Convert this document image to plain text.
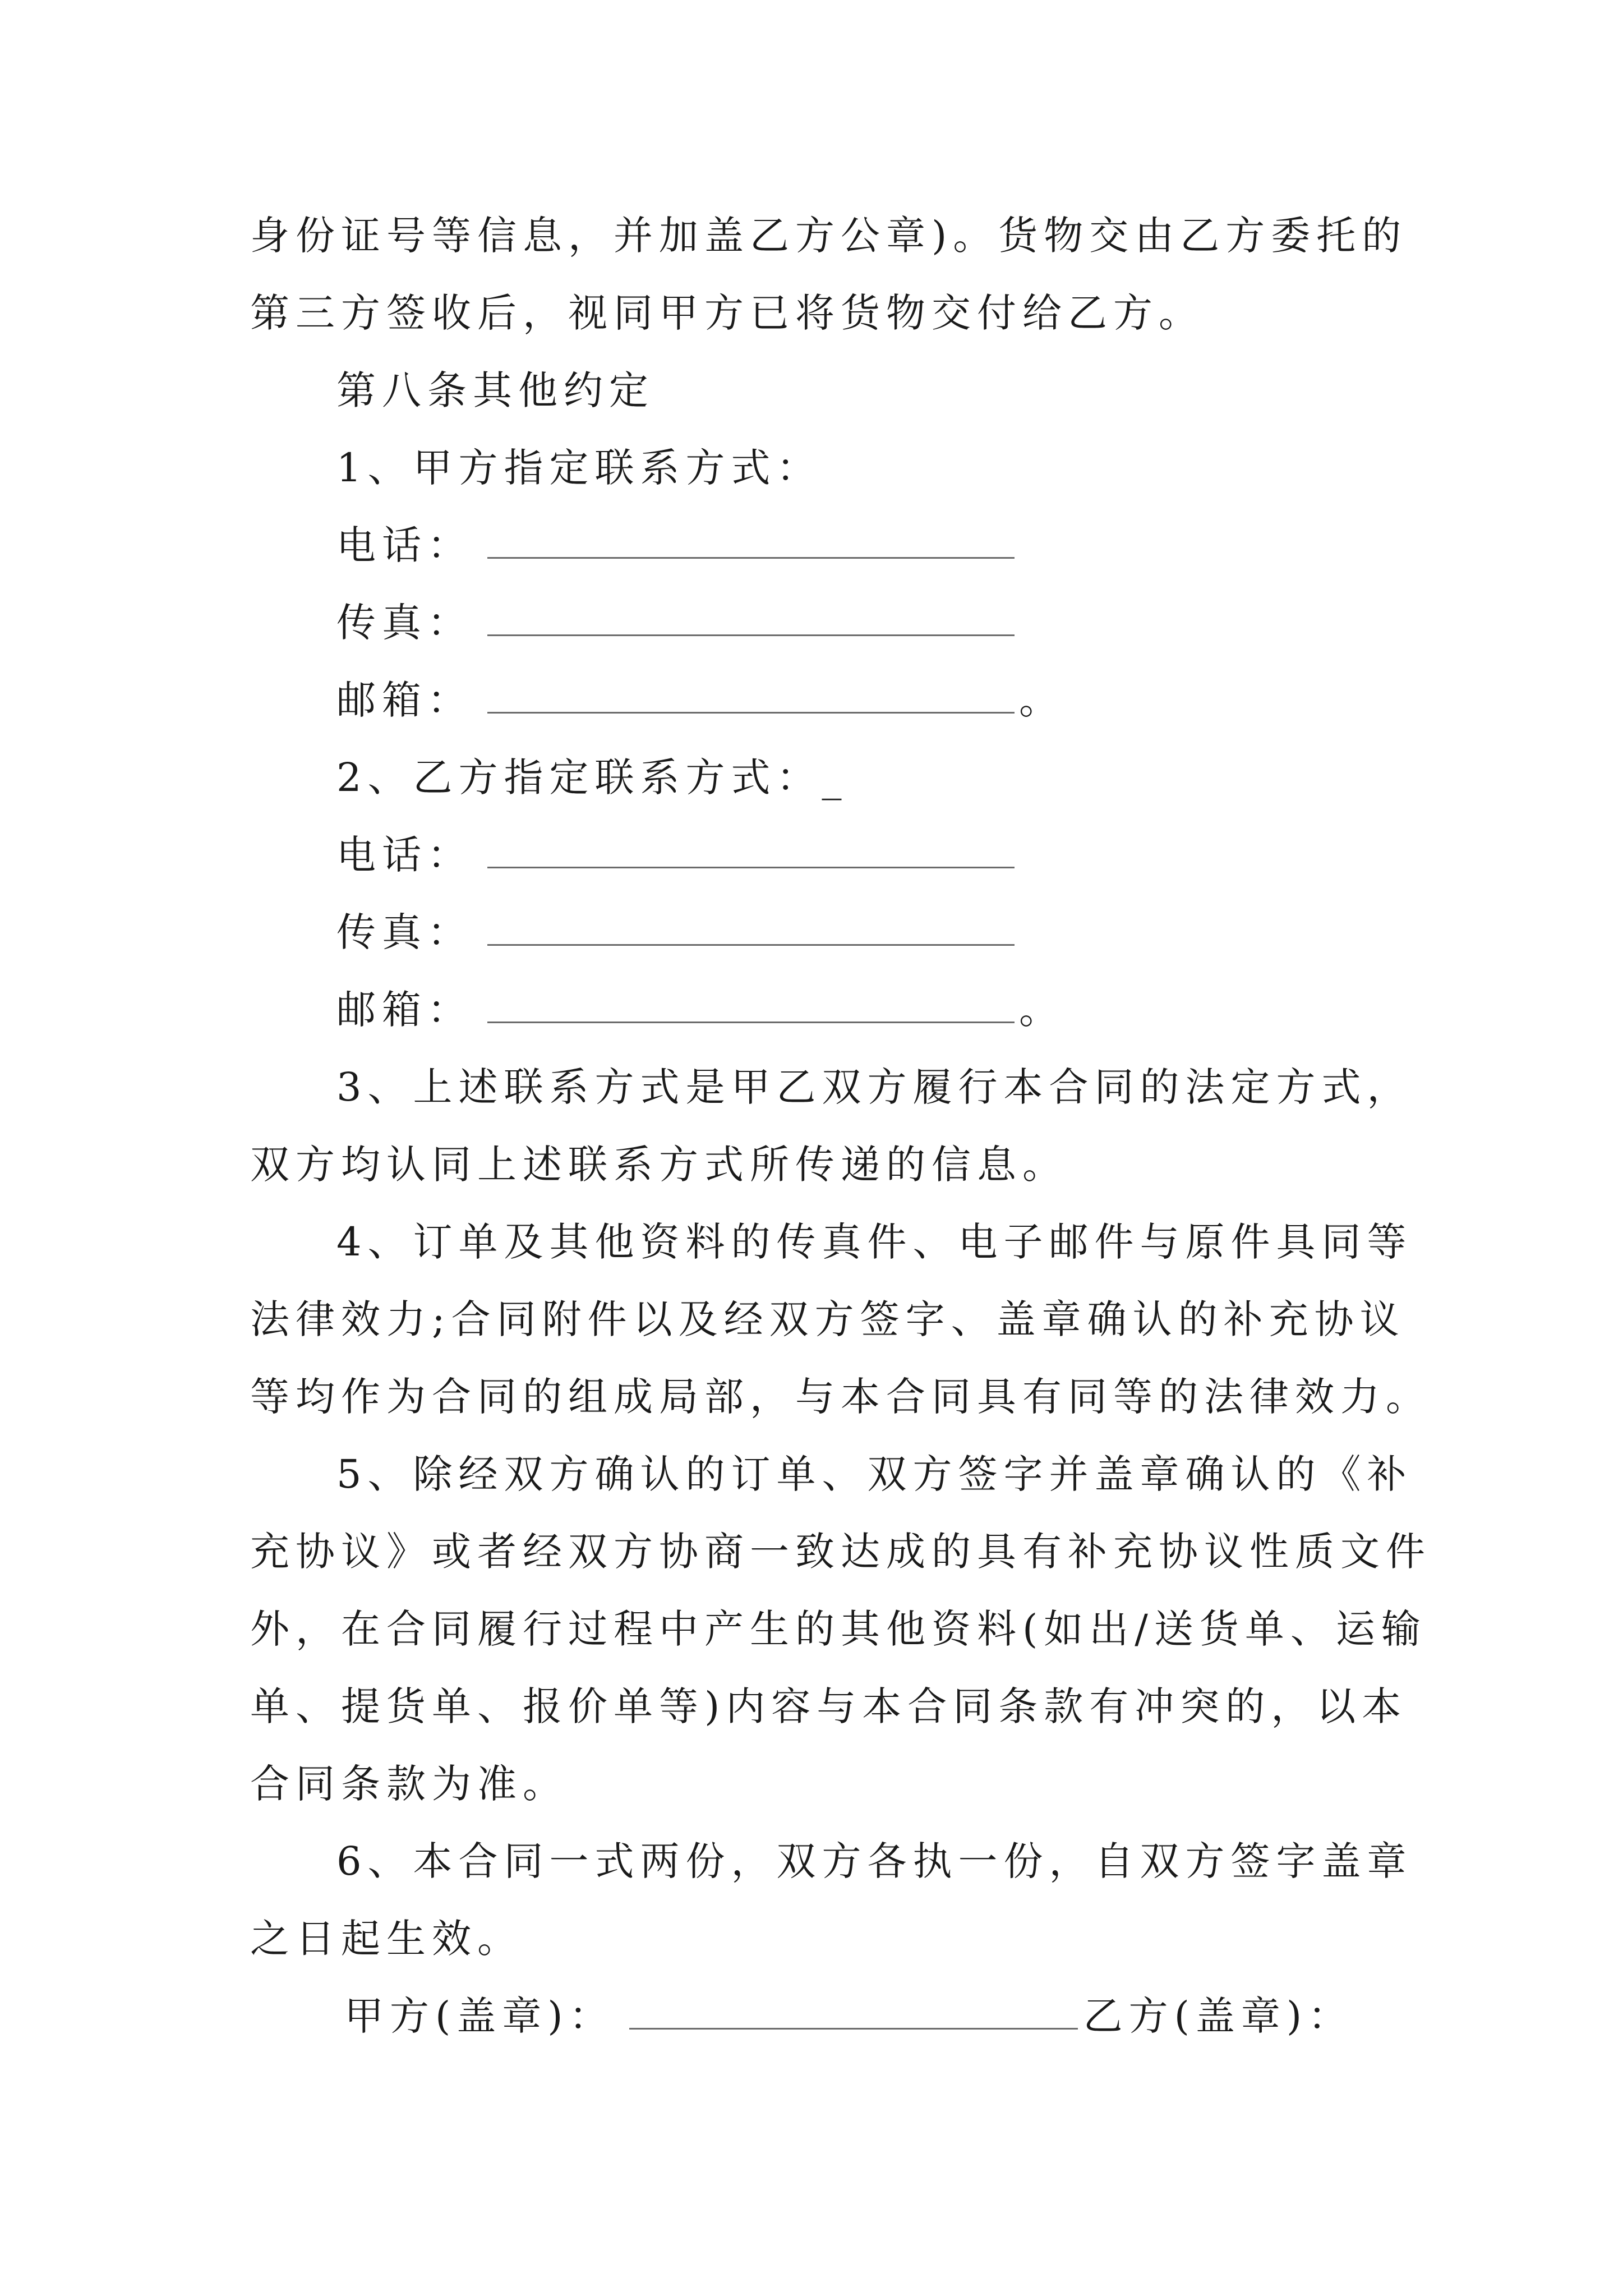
身份证号等信息，并加盖乙方公章)。货物交由乙方委托的
第三方签收后，视同甲方已将货物交付给乙方。
第八条其他约定
1、甲方指定联系方式：
电话：
传真：
邮箱：	。
2、乙方指定联系方式：_
电话：
传真：
邮箱：	。
3、上述联系方式是甲乙双方履行本合同的法定方式，
双方均认同上述联系方式所传递的信息。
4、订单及其他资料的传真件、电子邮件与原件具同等
法律效力;合同附件以及经双方签字、盖章确认的补充协议
等均作为合同的组成局部，与本合同具有同等的法律效力。
5、除经双方确认的订单、双方签字并盖章确认的《补
充协议》或者经双方协商一致达成的具有补充协议性质文件
外，在合同履行过程中产生的其他资料(如出/送货单、运输
单、提货单、报价单等)内容与本合同条款有冲突的，以本
合同条款为准。
6、本合同一式两份，双方各执一份，自双方签字盖章
之日起生效。
甲方(盖章)：	乙方(盖章)：
